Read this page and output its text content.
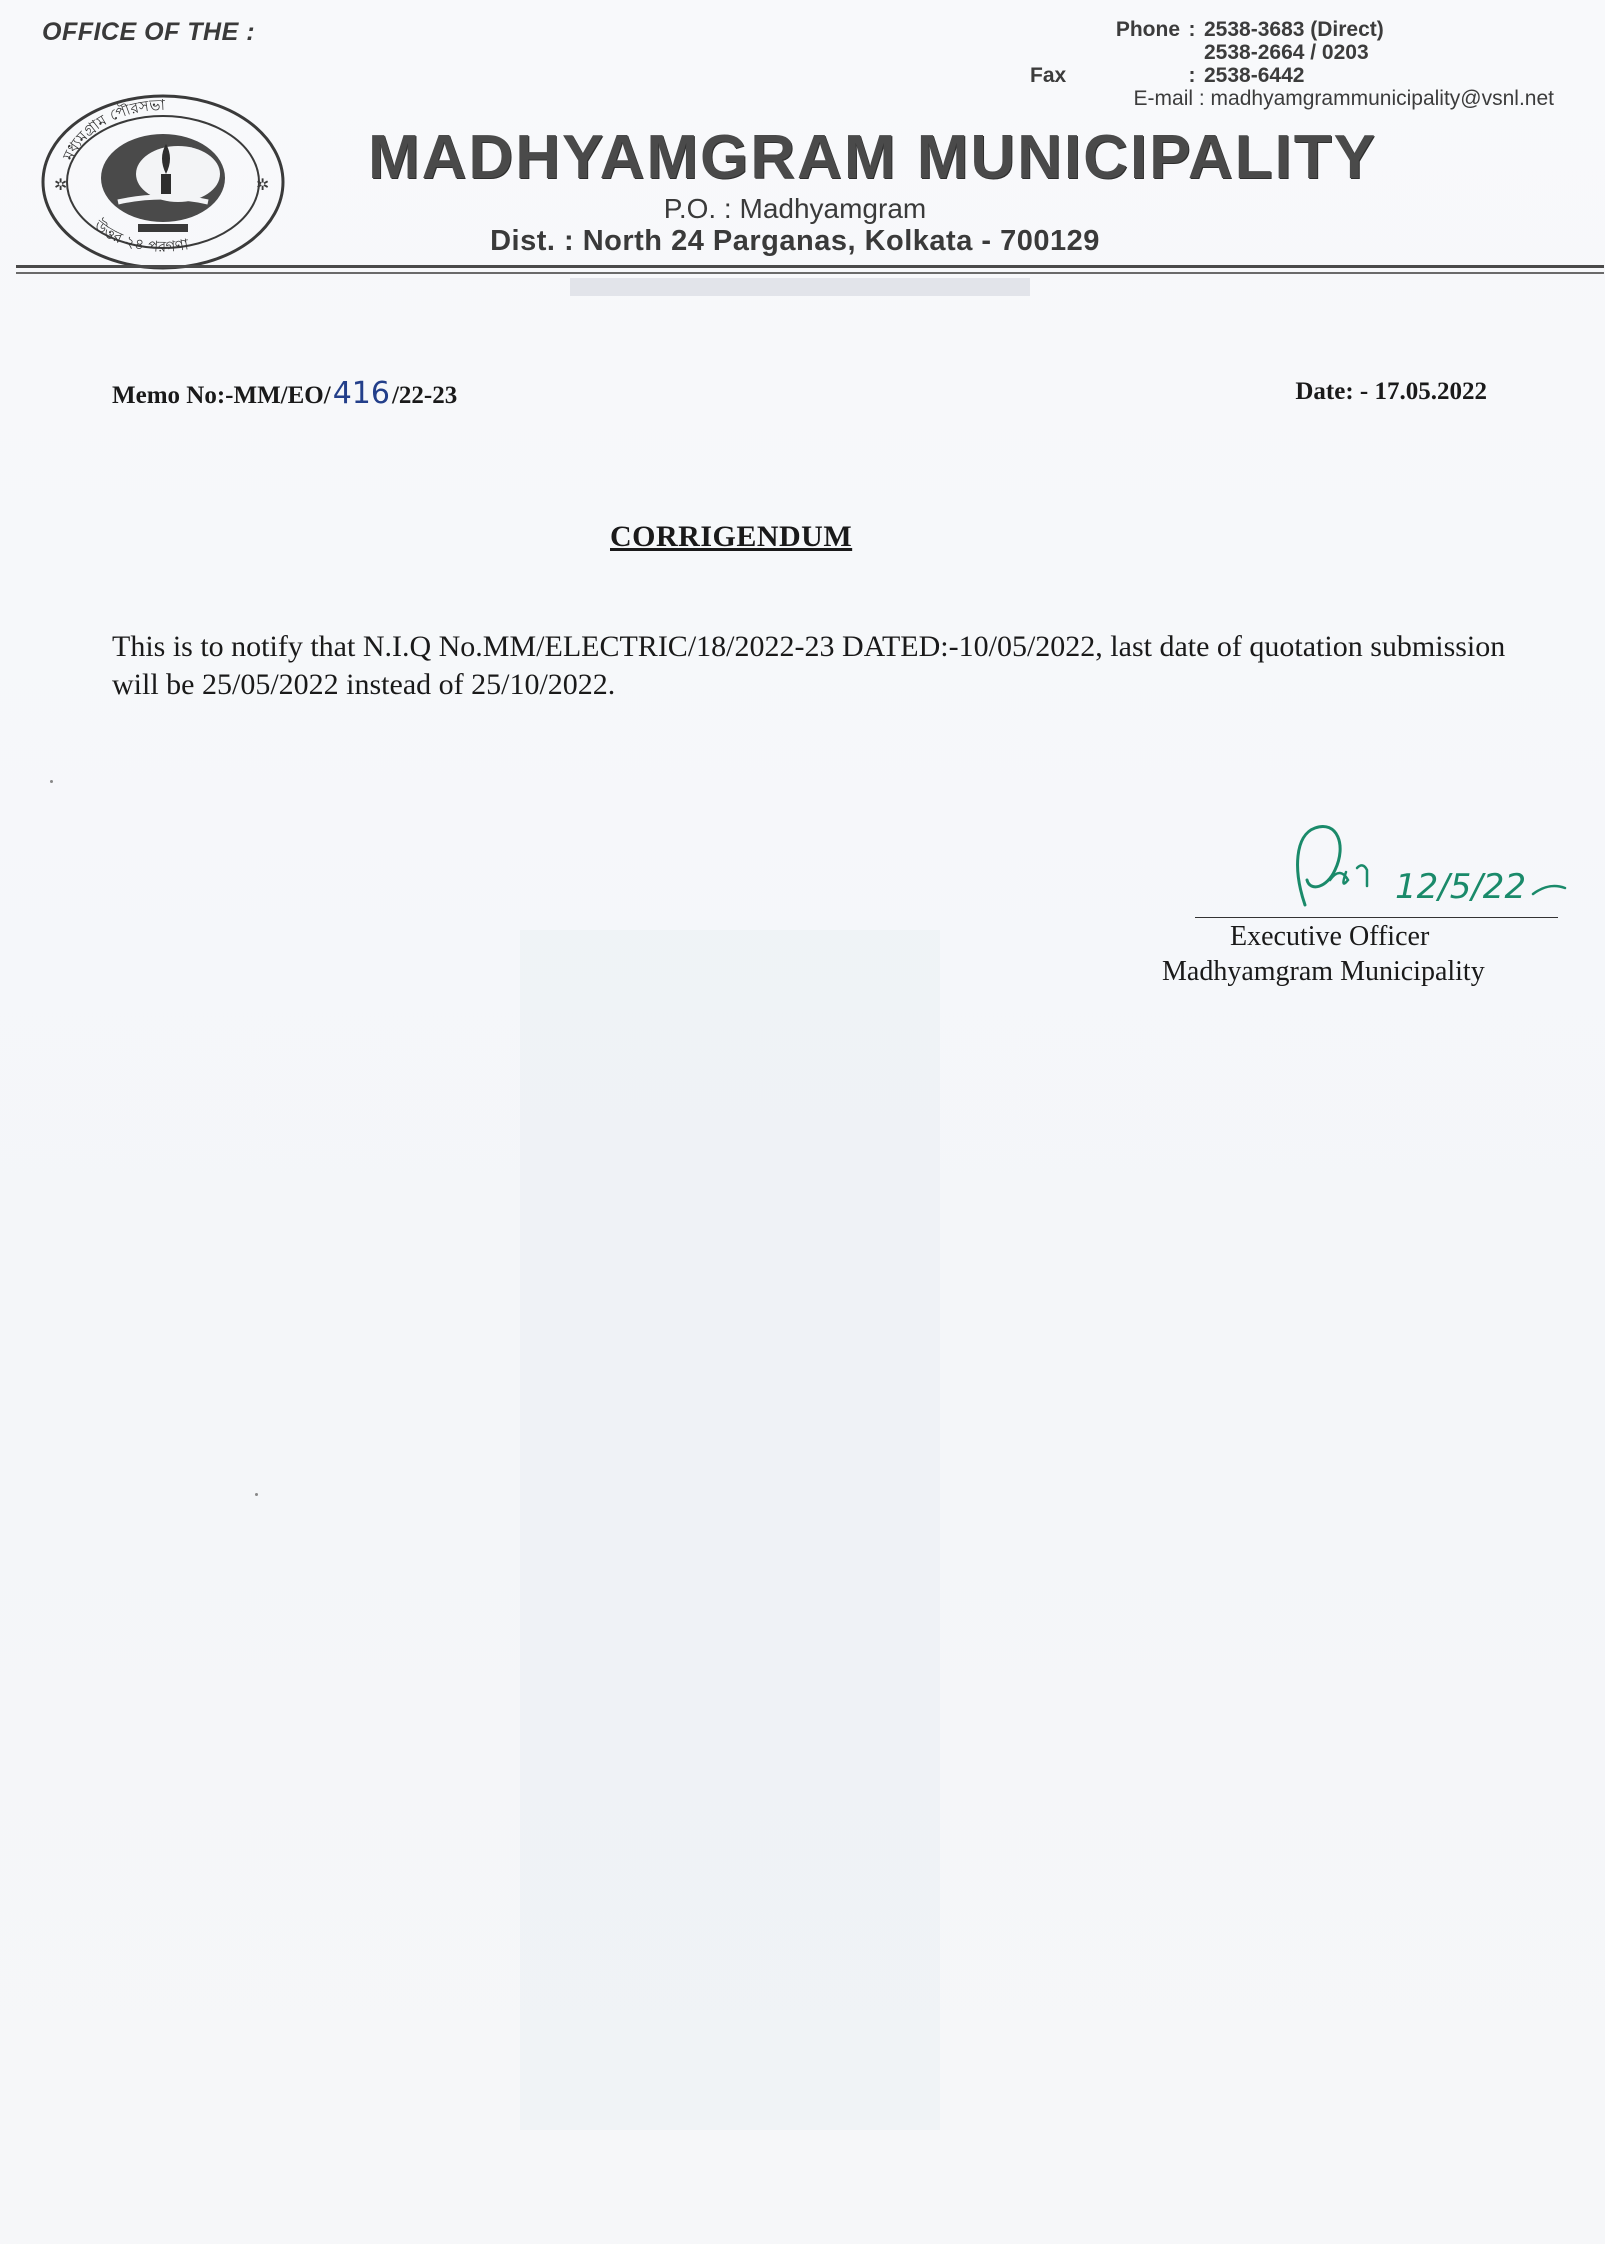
OFFICE OF THE :	Phone : 2538-3683 (Direct)
2538-2664 / 0203
Fax	: 2538-6442
E-mail :
madhyamgrammunicipality@vsnl.net
✲	✲
মধ্যমগ্রাম পৌরসভা
উত্তর ২৪ পরগণা
MADHYAMGRAM MUNICIPALITY
P.O. : Madhyamgram
Dist. : North 24 Parganas, Kolkata - 700129
Memo No:-MM/EO/416/22-23	Date: - 17.05.2022
CORRIGENDUM
This is to notify that N.I.Q No.MM/ELECTRIC/18/2022-23 DATED:-10/05/2022, last date of quotation submission will be 25/05/2022 instead of 25/10/2022.
12/5/22
Executive Officer
Madhyamgram Municipality
